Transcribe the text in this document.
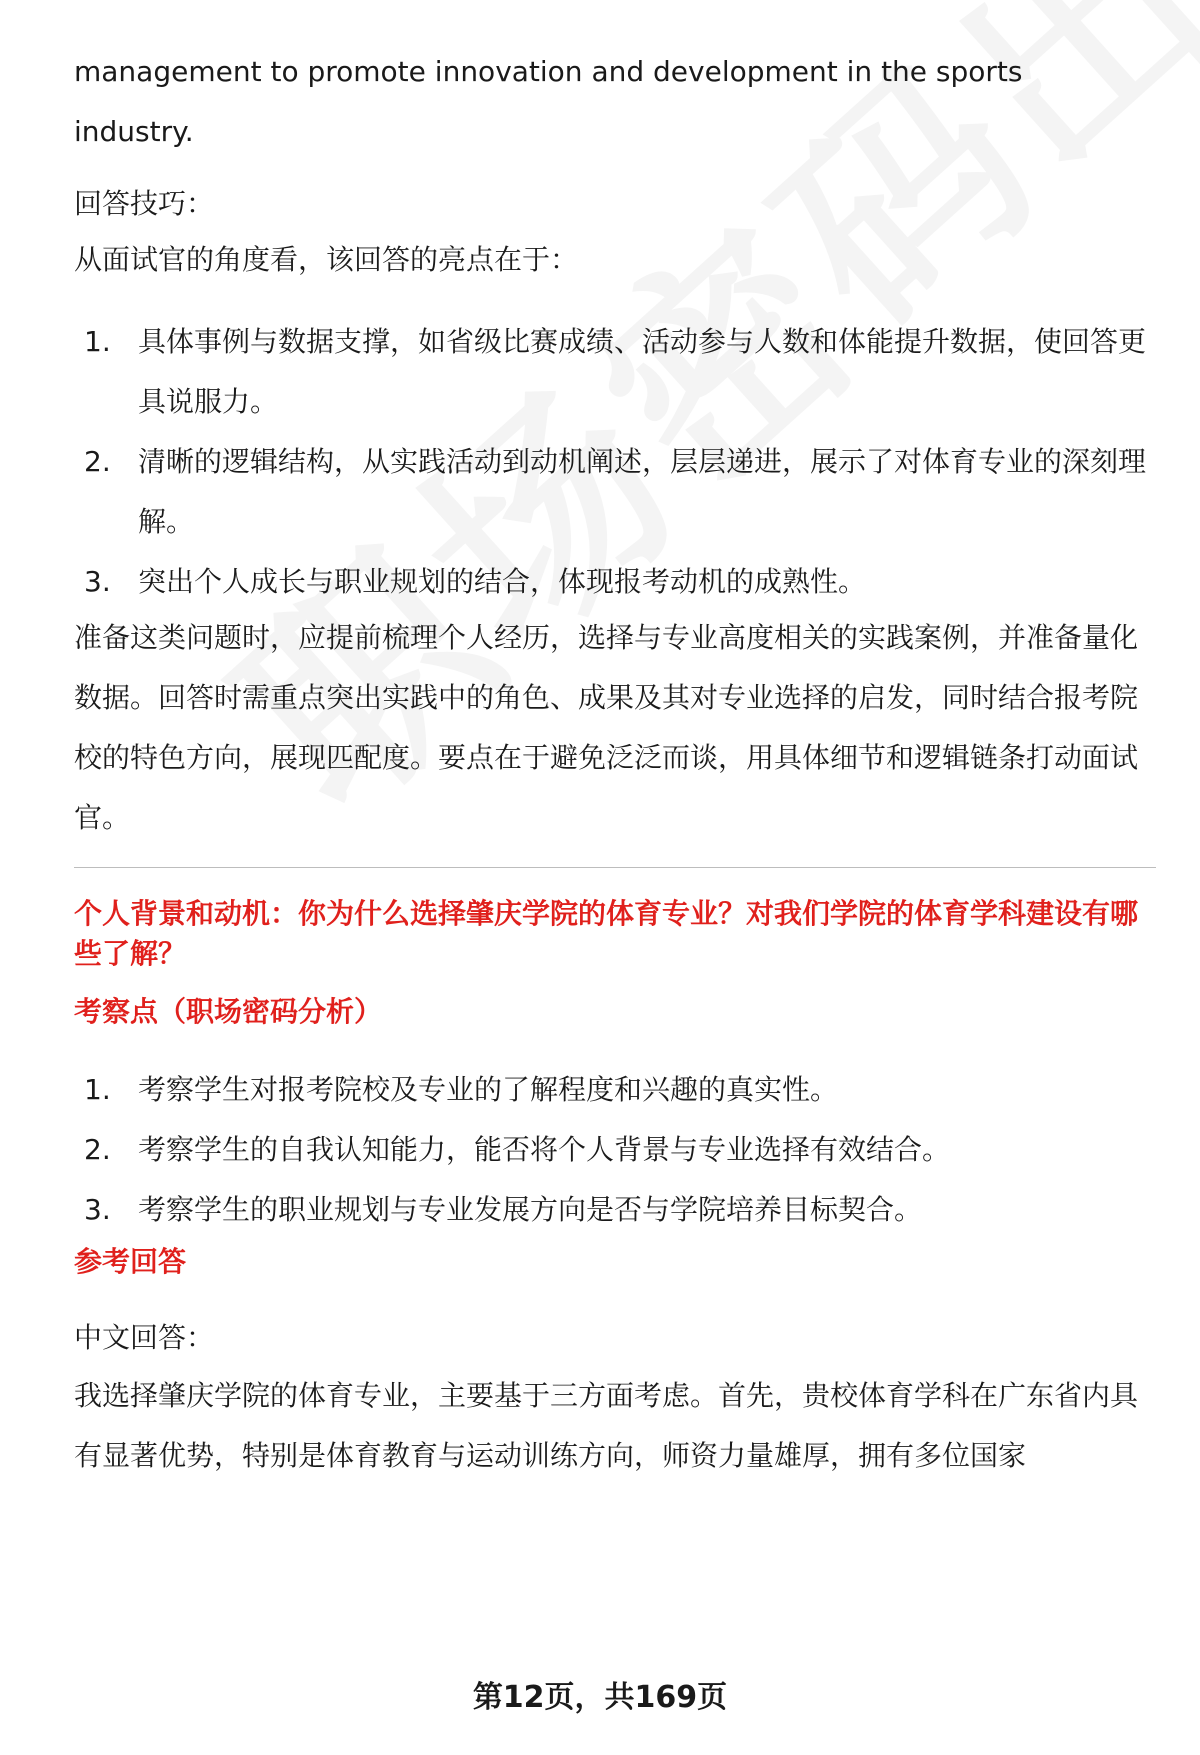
management to promote innovation and development in the sports industry.

回答技巧：

从面试官的角度看，该回答的亮点在于：

1. 具体事例与数据支撑，如省级比赛成绩、活动参与人数和体能提升数据，使回答更具说服力。
2. 清晰的逻辑结构，从实践活动到动机阐述，层层递进，展示了对体育专业的深刻理解。
3. 突出个人成长与职业规划的结合，体现报考动机的成熟性。

准备这类问题时，应提前梳理个人经历，选择与专业高度相关的实践案例，并准备量化数据。回答时需重点突出实践中的角色、成果及其对专业选择的启发，同时结合报考院校的特色方向，展现匹配度。要点在于避免泛泛而谈，用具体细节和逻辑链条打动面试官。

个人背景和动机：你为什么选择肇庆学院的体育专业？对我们学院的体育学科建设有哪些了解？

考察点（职场密码分析）

1. 考察学生对报考院校及专业的了解程度和兴趣的真实性。
2. 考察学生的自我认知能力，能否将个人背景与专业选择有效结合。
3. 考察学生的职业规划与专业发展方向是否与学院培养目标契合。

参考回答

中文回答：

我选择肇庆学院的体育专业，主要基于三方面考虑。首先，贵校体育学科在广东省内具有显著优势，特别是体育教育与运动训练方向，师资力量雄厚，拥有多位国家

第12页，共169页
